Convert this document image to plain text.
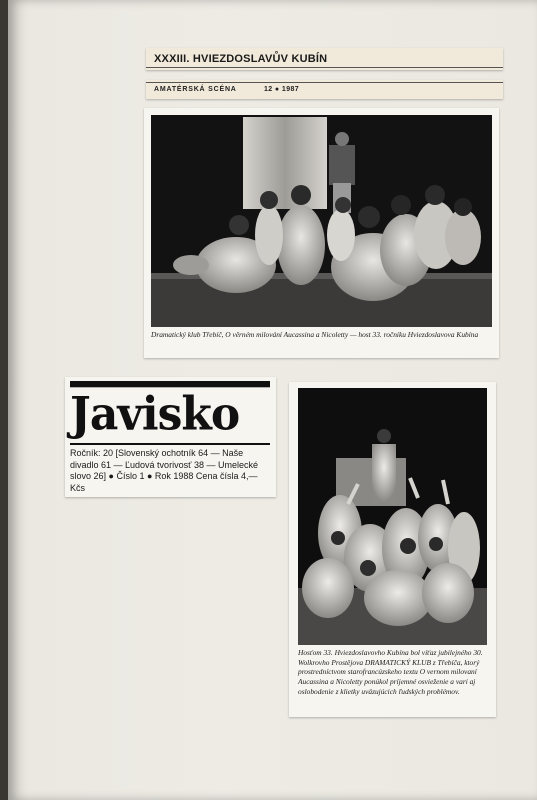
XXXIII. HVIEZDOSLAVŮV KUBÍN
AMATÉRSKÁ SCÉNA	12 ● 1987
Dramatický klub Třebíč, O věrném milování Aucassina a Nicoletty — host 33. ročníku Hviezdoslavova Kubína
Javisko
Ročník: 20 [Slovenský ochotník 64 — Naše divadlo 61 — Ľudová tvorivosť 38 — Umelecké slovo 26] ● Číslo 1 ● Rok 1988 Cena čísla 4,— Kčs
Hosťom 33. Hviezdoslavovho Kubína bol víťaz jubilejného 30. Wolkrovho Prostějova DRAMATICKÝ KLUB z Třebíča, ktorý prostredníctvom starofrancúzskeho textu O vernom milovaní Aucassina a Nicoletty ponúkol príjemné osvieženie a vari aj oslobodenie z klietky uväzujúcich ľudských problémov.
